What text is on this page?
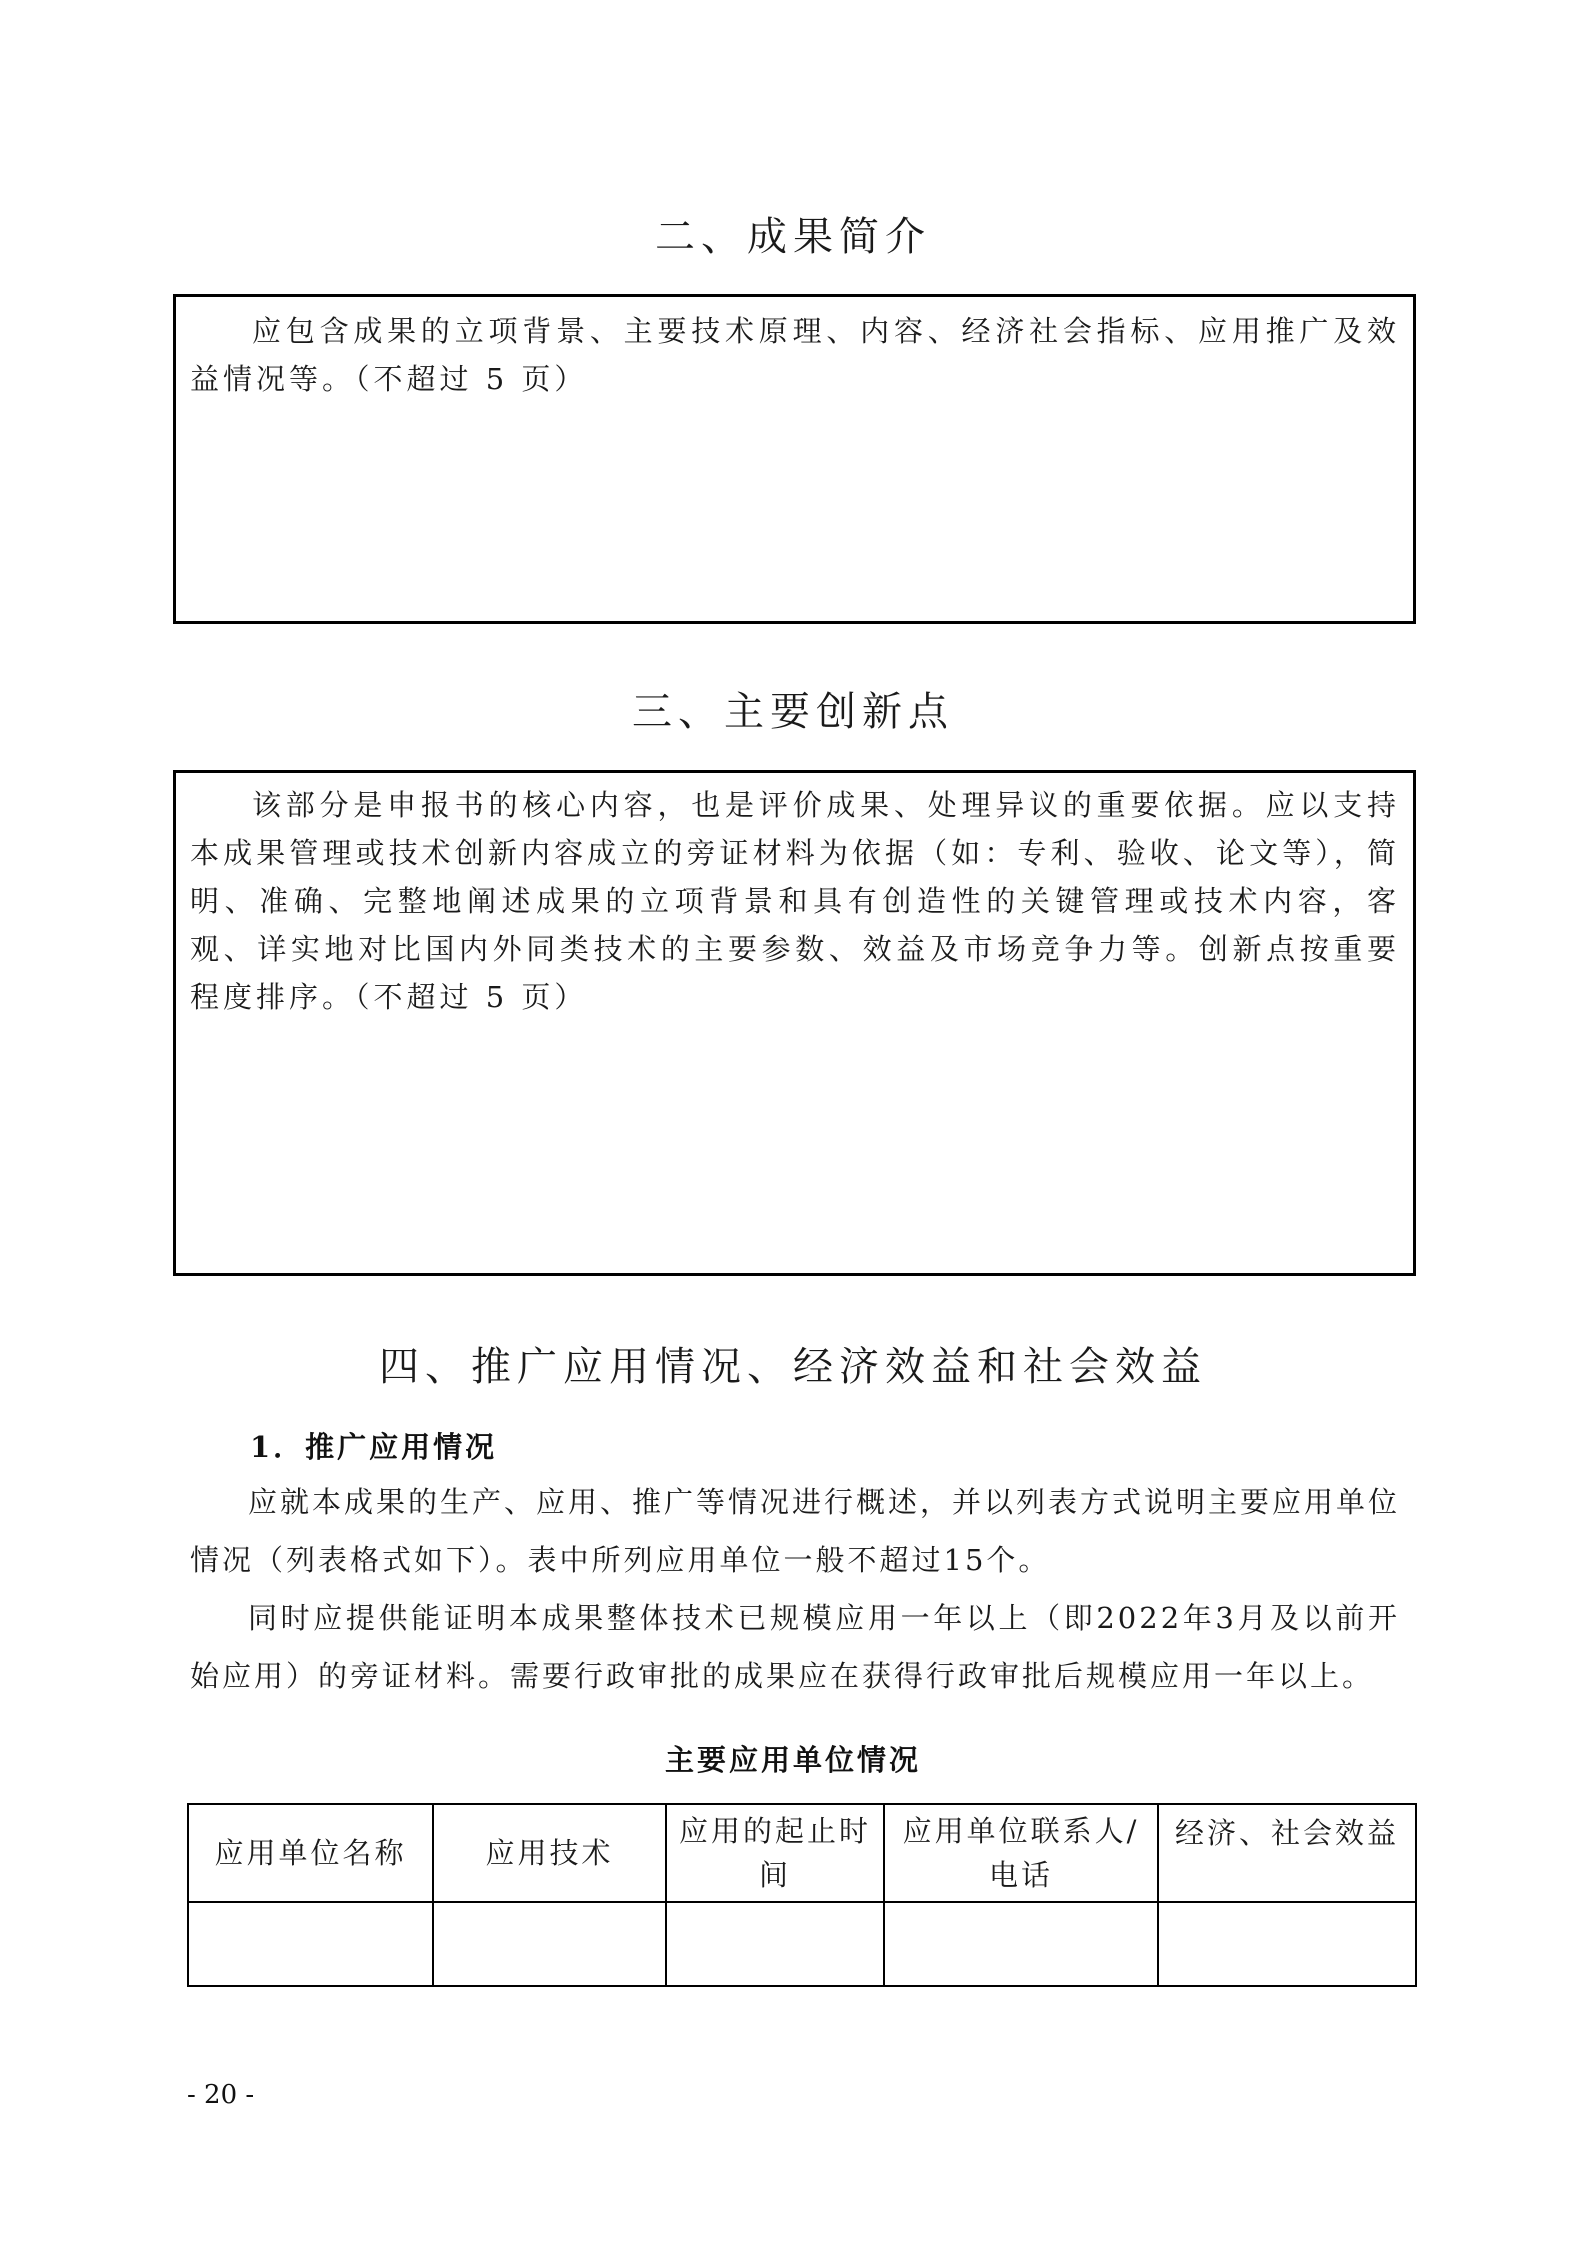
二、成果简介
应包含成果的立项背景、主要技术原理、内容、经济社会指标、应用推广及效益情况等。（不超过 5 页）
三、主要创新点
该部分是申报书的核心内容，也是评价成果、处理异议的重要依据。应以支持本成果管理或技术创新内容成立的旁证材料为依据（如：专利、验收、论文等），简明、准确、完整地阐述成果的立项背景和具有创造性的关键管理或技术内容，客观、详实地对比国内外同类技术的主要参数、效益及市场竞争力等。创新点按重要程度排序。（不超过 5 页）
四、推广应用情况、经济效益和社会效益
1．推广应用情况
应就本成果的生产、应用、推广等情况进行概述，并以列表方式说明主要应用单位情况（列表格式如下）。表中所列应用单位一般不超过15个。
同时应提供能证明本成果整体技术已规模应用一年以上（即2022年3月及以前开始应用）的旁证材料。需要行政审批的成果应在获得行政审批后规模应用一年以上。
主要应用单位情况
应用单位名称	应用技术	应用的起止时间	应用单位联系人/电话	经济、社会效益

- 20 -
